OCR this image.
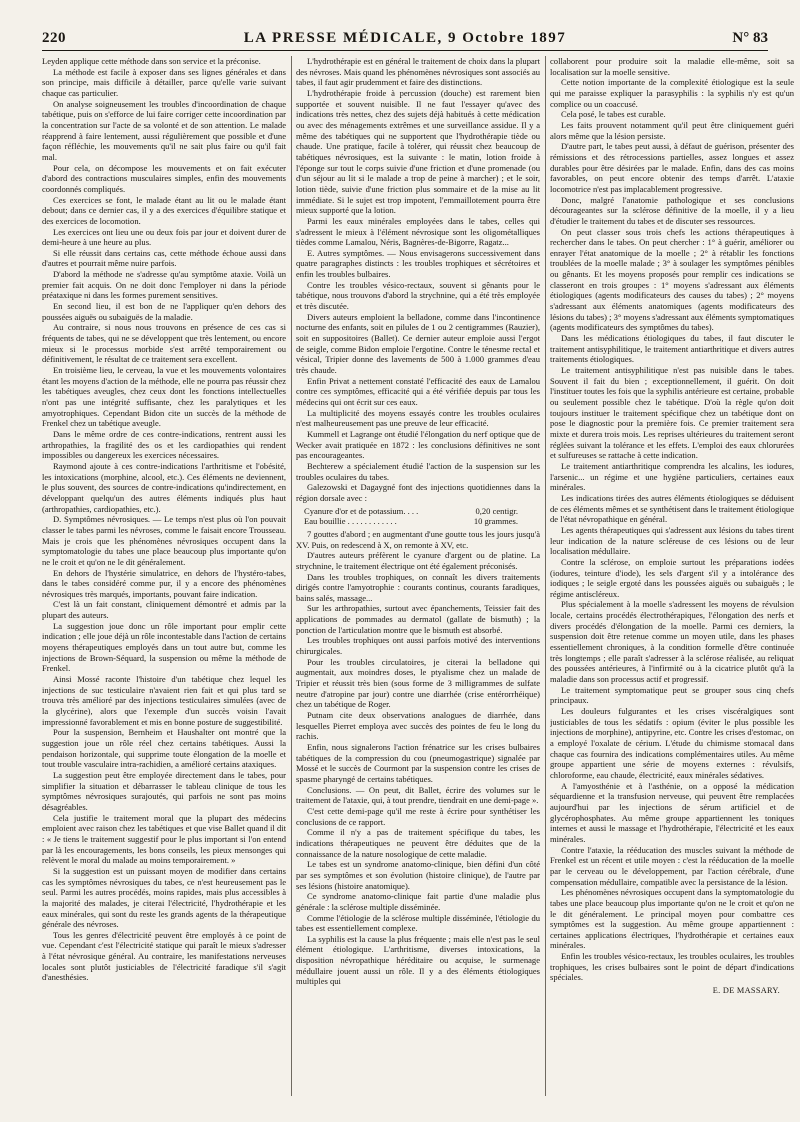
220	LA PRESSE MÉDICALE, 9 Octobre 1897	N° 83

Leyden applique cette méthode dans son service et la préconise.

La méthode est facile à exposer dans ses lignes générales et dans son principe, mais difficile à détailler, parce qu'elle varie suivant chaque cas particulier.

On analyse soigneusement les troubles d'incoordination de chaque tabétique, puis on s'efforce de lui faire corriger cette incoordination par la concentration sur l'acte de sa volonté et de son attention. Le malade réapprend à faire lentement, aussi régulièrement que possible et d'une façon réfléchie, les mouvements qu'il ne sait plus faire ou qu'il fait mal.

Pour cela, on décompose les mouvements et on fait exécuter d'abord des contractions musculaires simples, enfin des mouvements coordonnés compliqués.

Ces exercices se font, le malade étant au lit ou le malade étant debout; dans ce dernier cas, il y a des exercices d'équilibre statique et des exercices de locomotion.

Les exercices ont lieu une ou deux fois par jour et doivent durer de demi-heure à une heure au plus.

Si elle réussit dans certains cas, cette méthode échoue aussi dans d'autres et pourrait même nuire parfois.

D'abord la méthode ne s'adresse qu'au symptôme ataxie. Voilà un premier fait acquis. On ne doit donc l'employer ni dans la période préataxique ni dans les formes purement sensitives.

En second lieu, il est bon de ne l'appliquer qu'en dehors des poussées aiguës ou subaiguës de la maladie.

Au contraire, si nous nous trouvons en présence de ces cas si fréquents de tabes, qui ne se développent que très lentement, ou encore mieux si le processus morbide s'est arrêté temporairement ou définitivement, le résultat de ce traitement sera excellent.

En troisième lieu, le cerveau, la vue et les mouvements volontaires étant les moyens d'action de la méthode, elle ne pourra pas réussir chez les tabétiques aveugles, chez ceux dont les fonctions intellectuelles n'ont pas une intégrité suffisante, chez les paralytiques et les amyotrophiques. Cependant Bidon cite un succès de la méthode de Frenkel chez un tabétique aveugle.

Dans le même ordre de ces contre-indications, rentrent aussi les arthropathies, la fragilité des os et les cardiopathies qui rendent impossibles ou dangereux les exercices nécessaires.

Raymond ajoute à ces contre-indications l'arthritisme et l'obésité, les intoxications (morphine, alcool, etc.). Ces éléments ne deviennent, le plus souvent, des sources de contre-indications qu'indirectement, en développant quelqu'un des autres éléments indiqués plus haut (arthropathies, cardiopathies, etc.).

D. Symptômes névrosiques. — Le temps n'est plus où l'on pouvait classer le tabes parmi les névroses, comme le faisait encore Trousseau. Mais je crois que les phénomènes névrosiques occupent dans la symptomatologie du tabes une place beaucoup plus importante qu'on ne le croit et qu'on ne le dit généralement.

En dehors de l'hystérie simulatrice, en dehors de l'hystéro-tabes, dans le tabes considéré comme pur, il y a encore des phénomènes névrosiques très marqués, importants, pouvant faire indication.

C'est là un fait constant, cliniquement démontré et admis par la plupart des auteurs.

La suggestion joue donc un rôle important pour emplir cette indication ; elle joue déjà un rôle incontestable dans l'action de certains moyens thérapeutiques employés dans un tout autre but, comme les injections de Brown-Séquard, la suspension ou même la méthode de Frenkel.

Ainsi Mossé raconte l'histoire d'un tabétique chez lequel les injections de suc testiculaire n'avaient rien fait et qui plus tard se trouva très amélioré par des injections testiculaires simulées (avec de la glycérine), alors que l'exemple d'un succès voisin l'avait impressionné favorablement et mis en bonne posture de suggestibilité.

Pour la suspension, Bernheim et Haushalter ont montré que la suggestion joue un rôle réel chez certains tabétiques. Aussi la pendaison horizontale, qui supprime toute élongation de la moelle et tout trouble vasculaire intra-rachidien, a amélioré certains ataxiques.

La suggestion peut être employée directement dans le tabes, pour simplifier la situation et débarrasser le tableau clinique de tous les symptômes névrosiques surajoutés, qui parfois ne sont pas moins désagréables.

Cela justifie le traitement moral que la plupart des médecins emploient avec raison chez les tabétiques et que vise Ballet quand il dit : « Je tiens le traitement suggestif pour le plus important si l'on entend par là les encouragements, les bons conseils, les pieux mensonges qui relèvent le moral du malade au moins temporairement. »

Si la suggestion est un puissant moyen de modifier dans certains cas les symptômes névrosiques du tabes, ce n'est heureusement pas le seul. Parmi les autres procédés, moins rapides, mais plus accessibles à la majorité des malades, je citerai l'électricité, l'hydrothérapie et les eaux minérales, qui sont du reste les grands agents de la thérapeutique générale des névroses.

Tous les genres d'électricité peuvent être employés à ce point de vue. Cependant c'est l'électricité statique qui paraît le mieux s'adresser à l'état névrosique général. Au contraire, les manifestations nerveuses locales sont plutôt justiciables de l'électricité faradique s'il s'agit d'anesthésies.

L'hydrothérapie est en général le traitement de choix dans la plupart des névroses. Mais quand les phénomènes névrosiques sont associés au tabes, il faut agir prudemment et faire des distinctions.

L'hydrothérapie froide à percussion (douche) est rarement bien supportée et souvent nuisible. Il ne faut l'essayer qu'avec des indications très nettes, chez des sujets déjà habitués à cette médication ou avec des ménagements extrêmes et une surveillance assidue. Il y a même des tabétiques qui ne supportent que l'hydrothérapie tiède ou chaude. Une pratique, facile à tolérer, qui réussit chez beaucoup de tabétiques névrosiques, est la suivante : le matin, lotion froide à l'éponge sur tout le corps suivie d'une friction et d'une promenade (ou d'un séjour au lit si le malade a trop de peine à marcher) ; et le soir, lotion tiède, suivie d'une friction plus sommaire et de la mise au lit immédiate. Si le sujet est trop impotent, l'emmaillotement pourra être mieux supporté que la lotion.

Parmi les eaux minérales employées dans le tabes, celles qui s'adressent le mieux à l'élément névrosique sont les oligométalliques tièdes comme Lamalou, Néris, Bagnères-de-Bigorre, Ragatz...

E. Autres symptômes. — Nous envisagerons successivement dans quatre paragraphes distincts : les troubles trophiques et sécrétoires et enfin les troubles bulbaires.

Contre les troubles vésico-rectaux, souvent si gênants pour le tabétique, nous trouvons d'abord la strychnine, qui a été très employée et très discutée.

Divers auteurs emploient la belladone, comme dans l'incontinence nocturne des enfants, soit en pilules de 1 ou 2 centigrammes (Rauzier), soit en suppositoires (Ballet). Ce dernier auteur emploie aussi l'ergot de seigle, comme Bidon emploie l'ergotine. Contre le ténesme rectal et vésical, Tripier donne des lavements de 500 à 1.000 grammes d'eau très chaude.

Enfin Privat a nettement constaté l'efficacité des eaux de Lamalou contre ces symptômes, efficacité qui a été vérifiée depuis par tous les médecins qui ont écrit sur ces eaux.

La multiplicité des moyens essayés contre les troubles oculaires n'est malheureusement pas une preuve de leur efficacité.

Kummell et Lagrange ont étudié l'élongation du nerf optique que de Wecker avait pratiquée en 1872 : les conclusions définitives ne sont pas encourageantes.

Bechterew a spécialement étudié l'action de la suspension sur les troubles oculaires du tabes.

Galezowski et Dagaygné font des injections quotidiennes dans la région dorsale avec :

Cyanure d'or et de potassium. . . .	0,20 centigr.
Eau bouillie . . . . . . . . . . . .	10 grammes.

7 gouttes d'abord ; en augmentant d'une goutte tous les jours jusqu'à XV. Puis, on redescend à X, on remonte à XV, etc.

D'autres auteurs préfèrent le cyanure d'argent ou de platine. La strychnine, le traitement électrique ont été également préconisés.

Dans les troubles trophiques, on connaît les divers traitements dirigés contre l'amyotrophie : courants continus, courants faradiques, bains salés, massage...

Sur les arthropathies, surtout avec épanchements, Teissier fait des applications de pommades au dermatol (gallate de bismuth) ; la ponction de l'articulation montre que le bismuth est absorbé.

Les troubles trophiques ont aussi parfois motivé des interventions chirurgicales.

Pour les troubles circulatoires, je citerai la belladone qui augmentait, aux moindres doses, le ptyalisme chez un malade de Tripier et réussit très bien (sous forme de 3 milligrammes de sulfate neutre d'atropine par jour) contre une diarrhée (crise entérorrhéique) chez un tabétique de Roger.

Putnam cite deux observations analogues de diarrhée, dans lesquelles Pierret employa avec succès des pointes de feu le long du rachis.

Enfin, nous signalerons l'action frénatrice sur les crises bulbaires tabétiques de la compression du cou (pneumogastrique) signalée par Mossé et le succès de Courmont par la suspension contre les crises de spasme pharyngé de certains tabétiques.

Conclusions. — On peut, dit Ballet, écrire des volumes sur le traitement de l'ataxie, qui, à tout prendre, tiendrait en une demi-page ».

C'est cette demi-page qu'il me reste à écrire pour synthétiser les conclusions de ce rapport.

Comme il n'y a pas de traitement spécifique du tabes, les indications thérapeutiques ne peuvent être déduites que de la connaissance de la nature nosologique de cette maladie.

Le tabes est un syndrome anatomo-clinique, bien défini d'un côté par ses symptômes et son évolution (histoire clinique), de l'autre par ses lésions (histoire anatomique).

Ce syndrome anatomo-clinique fait partie d'une maladie plus générale : la sclérose multiple disséminée.

Comme l'étiologie de la sclérose multiple disséminée, l'étiologie du tabes est essentiellement complexe.

La syphilis est la cause la plus fréquente ; mais elle n'est pas le seul élément étiologique. L'arthritisme, diverses intoxications, la disposition névropathique héréditaire ou acquise, le surmenage médullaire jouent aussi un rôle. Il y a des éléments étiologiques multiples qui

collaborent pour produire soit la maladie elle-même, soit sa localisation sur la moelle sensitive.

Cette notion importante de la complexité étiologique est la seule qui me paraisse expliquer la parasyphilis : la syphilis n'y est qu'un complice ou un coaccusé.

Cela posé, le tabes est curable.

Les faits prouvent notamment qu'il peut être cliniquement guéri alors même que la lésion persiste.

D'autre part, le tabes peut aussi, à défaut de guérison, présenter des rémissions et des rétrocessions partielles, assez longues et assez durables pour être désirées par le malade. Enfin, dans des cas moins favorables, on peut encore obtenir des temps d'arrêt. L'ataxie locomotrice n'est pas implacablement progressive.

Donc, malgré l'anatomie pathologique et ses conclusions décourageantes sur la sclérose définitive de la moelle, il y a lieu d'étudier le traitement du tabes et de discuter ses ressources.

On peut classer sous trois chefs les actions thérapeutiques à rechercher dans le tabes. On peut chercher : 1° à guérir, améliorer ou enrayer l'état anatomique de la moelle ; 2° à rétablir les fonctions troublées de la moelle malade ; 3° à soulager les symptômes pénibles ou gênants. Et les moyens proposés pour remplir ces indications se classeront en trois groupes : 1° moyens s'adressant aux éléments étiologiques (agents modificateurs des causes du tabes) ; 2° moyens s'adressant aux éléments anatomiques (agents modificateurs des lésions du tabes) ; 3° moyens s'adressant aux éléments symptomatiques (agents modificateurs des symptômes du tabes).

Dans les médications étiologiques du tabes, il faut discuter le traitement antisyphilitique, le traitement antiarthritique et divers autres traitements étiologiques.

Le traitement antisyphilitique n'est pas nuisible dans le tabes. Souvent il fait du bien ; exceptionnellement, il guérit. On doit l'instituer toutes les fois que la syphilis antérieure est certaine, probable ou seulement possible chez le tabétique. D'où la règle qu'on doit toujours instituer le traitement spécifique chez un tabétique dont on pose le diagnostic pour la première fois. Ce premier traitement sera mixte et durera trois mois. Les reprises ultérieures du traitement seront réglées suivant la tolérance et les effets. L'emploi des eaux chlorurées et sulfureuses se rattache à cette indication.

Le traitement antiarthritique comprendra les alcalins, les iodures, l'arsenic... un régime et une hygiène particuliers, certaines eaux minérales.

Les indications tirées des autres éléments étiologiques se déduisent de ces éléments mêmes et se synthétisent dans le traitement étiologique de l'état névropathique en général.

Les agents thérapeutiques qui s'adressent aux lésions du tabes tirent leur indication de la nature scléreuse de ces lésions ou de leur localisation médullaire.

Contre la sclérose, on emploie surtout les préparations iodées (iodures, teinture d'iode), les sels d'argent s'il y a intolérance des iodiques ; le seigle ergoté dans les poussées aiguës ou subaiguës ; le régime antiscléreux.

Plus spécialement à la moelle s'adressent les moyens de révulsion locale, certains procédés électrothérapiques, l'élongation des nerfs et divers procédés d'élongation de la moelle. Parmi ces derniers, la suspension doit être retenue comme un moyen utile, dans les phases essentiellement chroniques, à la condition formelle d'être continuée très longtemps ; elle paraît s'adresser à la sclérose réalisée, au reliquat des poussées antérieures, à l'infirmité ou à la cicatrice plutôt qu'à la maladie dans son processus actif et progressif.

Le traitement symptomatique peut se grouper sous cinq chefs principaux.

Les douleurs fulgurantes et les crises viscéralgiques sont justiciables de tous les sédatifs : opium (éviter le plus possible les injections de morphine), antipyrine, etc. Contre les crises d'estomac, on a employé l'oxalate de cérium. L'étude du chimisme stomacal dans chaque cas fournira des indications complémentaires utiles. Au même groupe appartient une série de moyens externes : révulsifs, chloroforme, eau chaude, électricité, eaux minérales sédatives.

A l'amyosthénie et à l'asthénie, on a opposé la médication séquardienne et la transfusion nerveuse, qui peuvent être remplacées aujourd'hui par les injections de sérum artificiel et de glycérophosphates. Au même groupe appartiennent les toniques internes et aussi le massage et l'hydrothérapie, l'électricité et les eaux minérales.

Contre l'ataxie, la rééducation des muscles suivant la méthode de Frenkel est un récent et utile moyen : c'est la rééducation de la moelle par le cerveau ou le développement, par l'action cérébrale, d'une compensation médullaire, compatible avec la persistance de la lésion.

Les phénomènes névrosiques occupent dans la symptomatologie du tabes une place beaucoup plus importante qu'on ne le croit et qu'on ne le dit généralement. Le principal moyen pour combattre ces symptômes est la suggestion. Au même groupe appartiennent : certaines applications électriques, l'hydrothérapie et certaines eaux minérales.

Enfin les troubles vésico-rectaux, les troubles oculaires, les troubles trophiques, les crises bulbaires sont le point de départ d'indications spéciales.

E. DE MASSARY.
